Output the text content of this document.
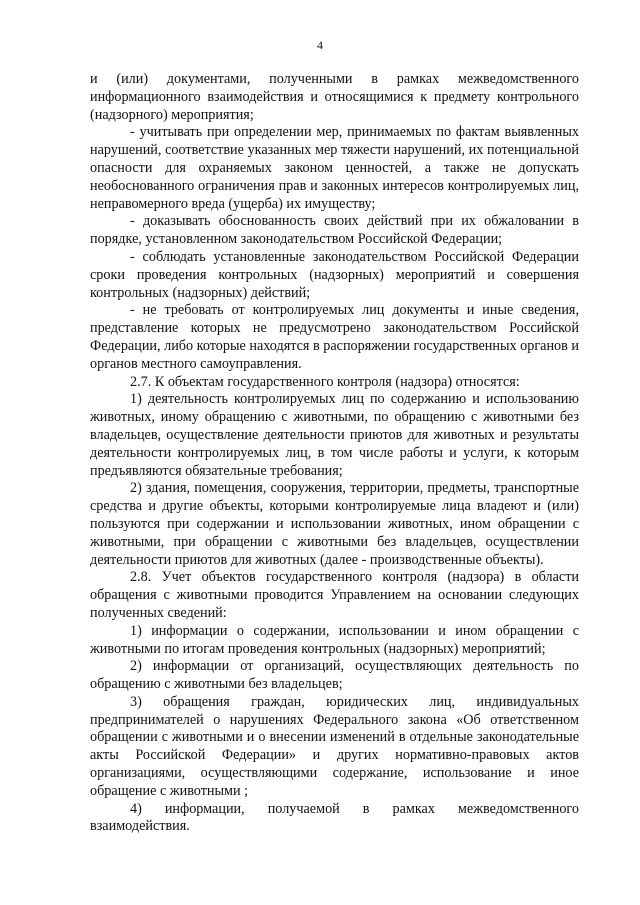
4

и (или) документами, полученными в рамках межведомственного информационного взаимодействия и относящимися к предмету контрольного (надзорного) мероприятия;

- учитывать при определении мер, принимаемых по фактам выявленных нарушений, соответствие указанных мер тяжести нарушений, их потенциальной опасности для охраняемых законом ценностей, а также не допускать необоснованного ограничения прав и законных интересов контролируемых лиц, неправомерного вреда (ущерба) их имуществу;

- доказывать обоснованность своих действий при их обжаловании в порядке, установленном законодательством Российской Федерации;

- соблюдать установленные законодательством Российской Федерации сроки проведения контрольных (надзорных) мероприятий и совершения контрольных (надзорных) действий;

- не требовать от контролируемых лиц документы и иные сведения, представление которых не предусмотрено законодательством Российской Федерации, либо которые находятся в распоряжении государственных органов и органов местного самоуправления.

2.7. К объектам государственного контроля (надзора) относятся:

1) деятельность контролируемых лиц по содержанию и использованию животных, иному обращению с животными, по обращению с животными без владельцев, осуществление деятельности приютов для животных и результаты деятельности контролируемых лиц, в том числе работы и услуги, к которым предъявляются обязательные требования;

2) здания, помещения, сооружения, территории, предметы, транспортные средства и другие объекты, которыми контролируемые лица владеют и (или) пользуются при содержании и использовании животных, ином обращении с животными, при обращении с животными без владельцев, осуществлении деятельности приютов для животных (далее - производственные объекты).

2.8. Учет объектов государственного контроля (надзора) в области обращения с животными проводится Управлением на основании следующих полученных сведений:

1) информации о содержании, использовании и ином обращении с животными по итогам проведения контрольных (надзорных) мероприятий;

2) информации от организаций, осуществляющих деятельность по обращению с животными без владельцев;

3) обращения граждан, юридических лиц, индивидуальных предпринимателей о нарушениях Федерального закона «Об ответственном обращении с животными и о внесении изменений в отдельные законодательные акты Российской Федерации» и других нормативно-правовых актов организациями, осуществляющими содержание, использование и иное обращение с животными ;

4) информации, получаемой в рамках межведомственного взаимодействия.
